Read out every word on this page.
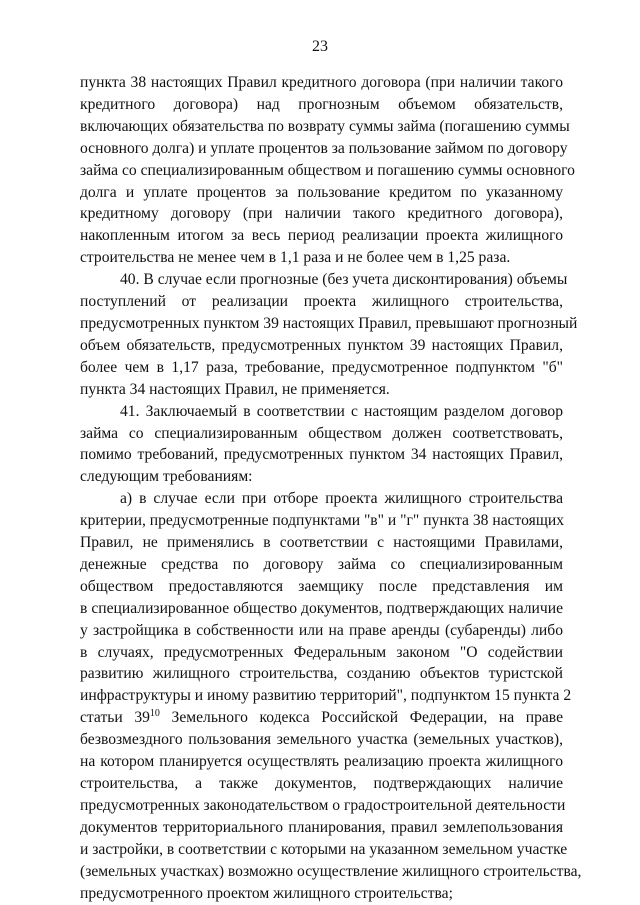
23

пункта 38 настоящих Правил кредитного договора (при наличии такого
кредитного договора) над прогнозным объемом обязательств,
включающих обязательства по возврату суммы займа (погашению суммы
основного долга) и уплате процентов за пользование займом по договору
займа со специализированным обществом и погашению суммы основного
долга и уплате процентов за пользование кредитом по указанному
кредитному договору (при наличии такого кредитного договора),
накопленным итогом за весь период реализации проекта жилищного
строительства не менее чем в 1,1 раза и не более чем в 1,25 раза.

40. В случае если прогнозные (без учета дисконтирования) объемы
поступлений от реализации проекта жилищного строительства,
предусмотренных пунктом 39 настоящих Правил, превышают прогнозный
объем обязательств, предусмотренных пунктом 39 настоящих Правил,
более чем в 1,17 раза, требование, предусмотренное подпунктом "б"
пункта 34 настоящих Правил, не применяется.

41. Заключаемый в соответствии с настоящим разделом договор
займа со специализированным обществом должен соответствовать,
помимо требований, предусмотренных пунктом 34 настоящих Правил,
следующим требованиям:

а) в случае если при отборе проекта жилищного строительства
критерии, предусмотренные подпунктами "в" и "г" пункта 38 настоящих
Правил, не применялись в соответствии с настоящими Правилами,
денежные средства по договору займа со специализированным
обществом предоставляются заемщику после представления им
в специализированное общество документов, подтверждающих наличие
у застройщика в собственности или на праве аренды (субаренды) либо
в случаях, предусмотренных Федеральным законом "О содействии
развитию жилищного строительства, созданию объектов туристской
инфраструктуры и иному развитию территорий", подпунктом 15 пункта 2
статьи $39^{10}$ Земельного кодекса Российской Федерации, на праве
безвозмездного пользования земельного участка (земельных участков),
на котором планируется осуществлять реализацию проекта жилищного
строительства, а также документов, подтверждающих наличие
предусмотренных законодательством о градостроительной деятельности
документов территориального планирования, правил землепользования
и застройки, в соответствии с которыми на указанном земельном участке
(земельных участках) возможно осуществление жилищного строительства,
предусмотренного проектом жилищного строительства;
